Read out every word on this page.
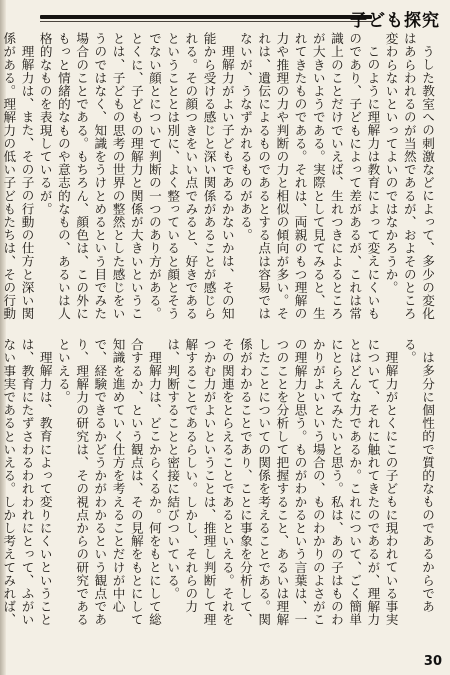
子ども探究

うした教室への刺激などによって、多少の変化はあらわれるのが当然であるが、およそのところ変わらないといってよいのではなかろうか。

このように理解力は教育によって変えにくいものであり、子どもによって差があるが、これは常識上のことだけでいえば、生れつきによるところが大きいようである。実際として見てみると、生れてきたものである。それは、両親のもつ理解の力や推理の力や判断の力と相似の傾向が多い。それは、遺伝によるものであるとする点は容易ではないが、うなずかれるものがある。

理解力がよい子どもであるかないかは、その知能から受ける感じと深い関係があることが感じられる。その顔つきをいい点でみると、好きであるということとは別に、よく整っていると顔とそうでない顔とについて判断の一つのあり方がある。とくに、子どもの理解力と関係が大きいということは、子どもの思考の世界の整然とした感じをいうのではなく、知識をうけとめるという目でみた場合のことである。もちろん、顔色は、この外にもっと情緒的なものや意志的なもの、あるいは人格的なものを表現しているが。

理解力は、また、その子の行動の仕方と深い関係がある。理解力の低い子どもたちは、その行動

は多分に個性的で質的なものであるからである。

理解力がとくにこの子どもに現われている事実について、それに触れてきたのであるが、理解力とはどんな力であるか。これについて、ごく簡単にとらえてみたいと思う。私は、あの子はものわかりがよいという場合の、ものわかりのよさがこの理解力と思う。ものがわかるという言葉は、一つのことを分析して把握すること、あるいは理解したことについての関係を考えることである。関係がわかることであり、ことに事象を分析して、その関連をとらえることであるといえる。それをつかむ力がよいということは、推理し判断して理解することであるらしい。しかし、それらの力は、判断することと密接に結びついている。

理解力は、どこからくるか。何をもとにして総合するか、という観点は、その見解をもとにして知識を進めていく仕方を考えることだけが中心で、経験できるかどうかがわかるという観点であり、理解力の研究は、その視点からの研究であるといえる。

理解力は、教育によって変りにくいということは、教育にたずさわるわれわれにとって、ふがいない事実であるといえる。しかし考えてみれば、

30
